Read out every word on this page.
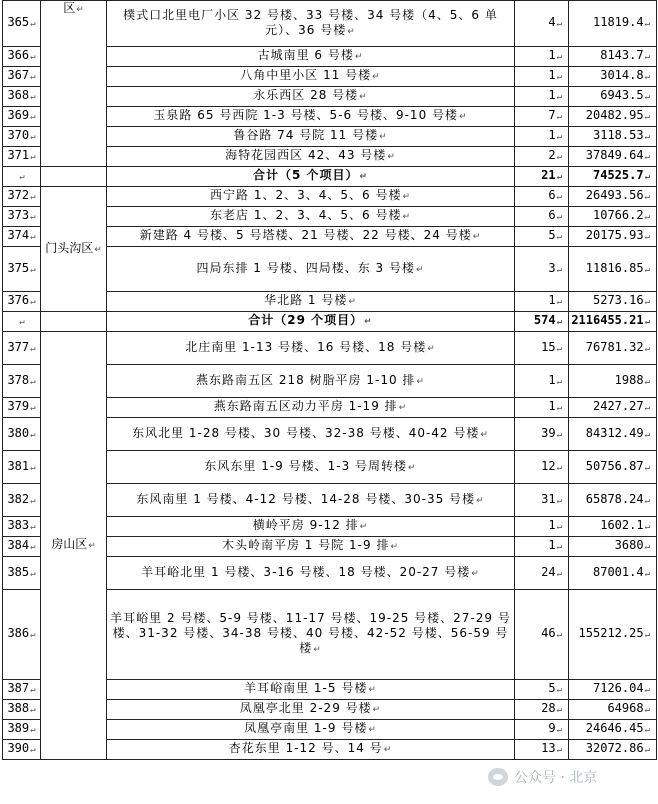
365↵	区↵	樸式口北里电厂小区 32 号楼、33 号楼、34 号楼（4、5、6 单元）、36 号楼↵	4↵	11819.4↵
366↵		古城南里 6 号楼↵	1↵	8143.7↵
367↵		八角中里小区 11 号楼↵	1↵	3014.8↵
368↵		永乐西区 28 号楼↵	1↵	6943.5↵
369↵		玉泉路 65 号西院 1-3 号楼、5-6 号楼、9-10 号楼↵	7↵	20482.95↵
370↵		鲁谷路 74 号院 11 号楼↵	1↵	3118.53↵
371↵		海特花园西区 42、43 号楼↵	2↵	37849.64↵
↵		合计（5 个项目）↵	21↵	74525.7↵
372↵	门头沟区↵	西宁路 1、2、3、4、5、6 号楼↵	6↵	26493.56↵
373↵		东老店 1、2、3、4、5、6 号楼↵	6↵	10766.2↵
374↵		新建路 4 号楼、5 号塔楼、21 号楼、22 号楼、24 号楼↵	5↵	20175.93↵
375↵		四局东排 1 号楼、四局楼、东 3 号楼↵	3↵	11816.85↵
376↵		华北路 1 号楼↵	1↵	5273.16↵
↵		合计（29 个项目）↵	574↵	2116455.21↵
377↵	房山区↵	北庄南里 1-13 号楼、16 号楼、18 号楼↵	15↵	76781.32↵
378↵		燕东路南五区 218 树脂平房 1-10 排↵	1↵	1988↵
379↵		燕东路南五区动力平房 1-19 排↵	1↵	2427.27↵
380↵		东风北里 1-28 号楼、30 号楼、32-38 号楼、40-42 号楼↵	39↵	84312.49↵
381↵		东风东里 1-9 号楼、1-3 号周转楼↵	12↵	50756.87↵
382↵		东风南里 1 号楼、4-12 号楼、14-28 号楼、30-35 号楼↵	31↵	65878.24↵
383↵		横岭平房 9-12 排↵	1↵	1602.1↵
384↵		木头岭南平房 1 号院 1-9 排↵	1↵	3680↵
385↵		羊耳峪北里 1 号楼、3-16 号楼、18 号楼、20-27 号楼↵	24↵	87001.4↵
386↵		羊耳峪里 2 号楼、5-9 号楼、11-17 号楼、19-25 号楼、27-29 号楼、31-32 号楼、34-38 号楼、40 号楼、42-52 号楼、56-59 号楼↵	46↵	155212.25↵
387↵		羊耳峪南里 1-5 号楼↵	5↵	7126.04↵
388↵		凤凰亭北里 2-29 号楼↵	28↵	64968↵
389↵		凤凰亭南里 1-9 号楼↵	9↵	24646.45↵
390↵		杏花东里 1-12 号、14 号↵	13↵	32072.86↵
公众号 · 北京
